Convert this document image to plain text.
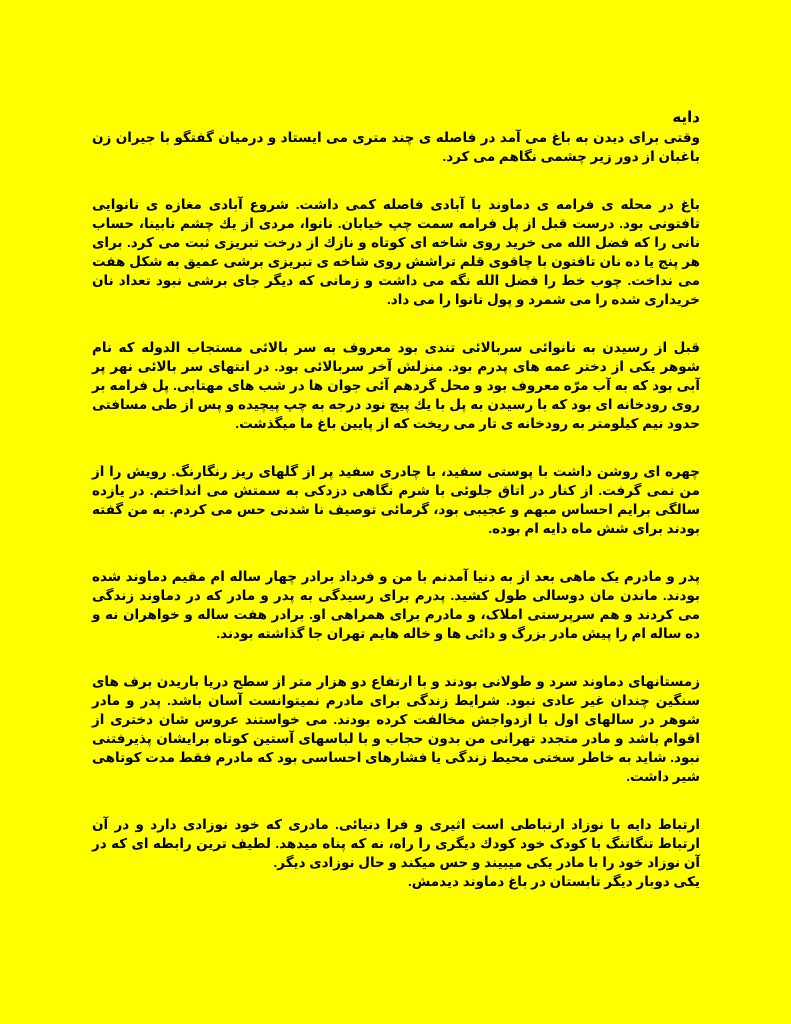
دایه

وقتی برای دیدن به باغ می آمد در فاصله ی چند متری می ایستاد و درمیان گفتگو با جیران زن باغبان از دور زیر چشمی نگاهم می کرد.

باغ در محله ی فرامه ی دماوند با آبادی فاصله کمی داشت. شروع آبادی مغازه ی نانوایی تافتونی بود. درست قبل از پل فرامه سمت چپ خیابان. نانوا، مردی از یك چشم نابینا، حساب نانی را كه فضل الله می خرید روی شاخه ای كوتاه و نازك از درخت تبریزی ثبت می كرد. برای هر پنج یا ده نان تافتون با چاقوی قلم تراشش روی شاخه ی تبریزی برشی عمیق به شكل هفت می نداخت. چوب خط را فضل الله نگه می داشت و زمانی كه دیگر جای برشی نبود تعداد نان خریداری شده را می شمرد و پول نانوا را می داد.

قبل از رسیدن به نانوائی سربالائی تندی بود معروف به سر بالائی مستجاب الدوله که نام شوهر یکی از دختر عمه های پدرم بود. منزلش آخر سربالائی بود. در انتهای سر بالائی نهر پر آبی بود که به آب مرّه معروف بود و محل گردهم آئی جوان ها در شب های مهتابی. پل فرامه بر روی رودخانه ای بود که با رسیدن به پل با یك پیچ نود درجه به چپ پیچیده و پس از طی مسافتی حدود نیم کیلومتر به رودخانه ی تار می ریخت که از پایین باغ ما میگذشت.

چهره ای روشن داشت با پوستی سفید، با چادری سفید پر از گلهای ریز رنگارنگ. رویش را از من نمی گرفت. از کنار در اتاق جلوئی با شرم نگاهی دزدکی به سمتش می انداختم. در یازده سالگی برایم احساس مبهم و عجیبی بود، گرمائی توصیف نا شدنی حس می کردم. به من گفته بودند برای شش ماه دایه ام بوده.

پدر و مادرم یک ماهی بعد از به دنیا آمدنم با من و فرداد برادر چهار ساله ام مقیم دماوند شده بودند. ماندن مان دوسالی طول کشید. پدرم برای رسیدگی به پدر و مادر که در دماوند زندگی می کردند و هم سرپرستی املاک، و مادرم برای همراهی او. برادر هفت ساله و خواهران نه و ده ساله ام را پیش مادر بزرگ و دائی ها و خاله هایم تهران جا گذاشته بودند.

زمستانهای دماوند سرد و طولانی بودند و با ارتفاع دو هزار متر از سطح دریا باریدن برف های سنگین چندان غیر عادی نبود. شرایط زندگی برای مادرم نمیتوانست آسان باشد. پدر و مادر شوهر در سالهای اول با ازدواجش مخالفت کرده بودند. می خواستند عروس شان دختری از اقوام باشد و مادر متجدد تهرانی من بدون حجاب و با لباسهای آستین کوتاه برایشان پذیرفتنی نبود. شاید به خاطر سختی محیط زندگی یا فشارهای احساسی بود که مادرم فقط مدت کوتاهی شیر داشت.

ارتباط دایه با نوزاد ارتباطی است اثیری و فرا دنیائی. مادری که خود نوزادی دارد و در آن ارتباط تنگاتنگ با کودک خود کودك دیگری را راه، نه که پناه میدهد. لطیف ترین رابطه ای که در آن نوزاد خود را با مادر یکی میبیند و حس میکند و حال نوزادی دیگر.

یکی دوبار دیگر تابستان در باغ دماوند دیدمش.
